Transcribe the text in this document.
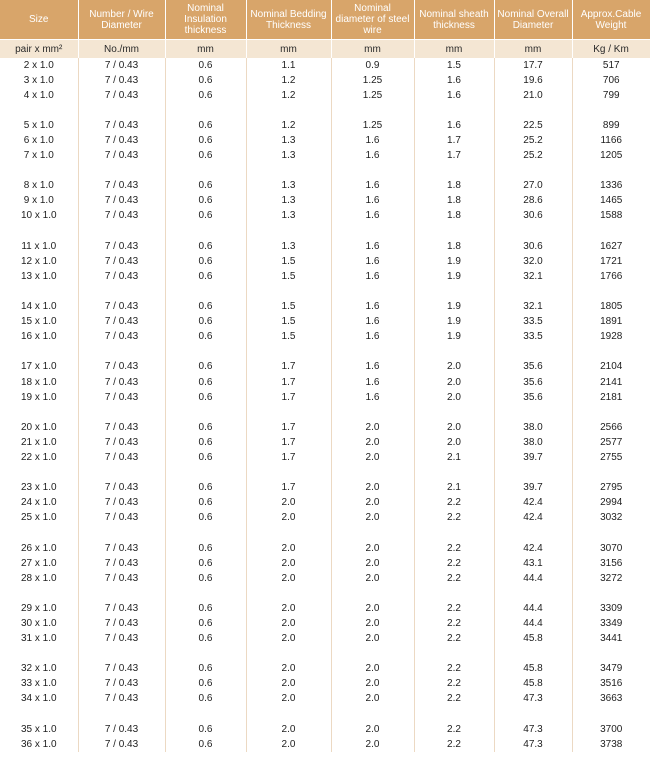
Size	Number / Wire Diameter	Nominal Insulation thickness	Nominal Bedding Thickness	Nominal diameter of steel wire	Nominal sheath thickness	Nominal Overall Diameter	Approx.Cable Weight
pair x mm²	No./mm	mm	mm	mm	mm	mm	Kg / Km
2 x 1.0	7 / 0.43	0.6	1.1	0.9	1.5	17.7	517
3 x 1.0	7 / 0.43	0.6	1.2	1.25	1.6	19.6	706
4 x 1.0	7 / 0.43	0.6	1.2	1.25	1.6	21.0	799

5 x 1.0	7 / 0.43	0.6	1.2	1.25	1.6	22.5	899
6 x 1.0	7 / 0.43	0.6	1.3	1.6	1.7	25.2	1166
7 x 1.0	7 / 0.43	0.6	1.3	1.6	1.7	25.2	1205

8 x 1.0	7 / 0.43	0.6	1.3	1.6	1.8	27.0	1336
9 x 1.0	7 / 0.43	0.6	1.3	1.6	1.8	28.6	1465
10 x 1.0	7 / 0.43	0.6	1.3	1.6	1.8	30.6	1588

11 x 1.0	7 / 0.43	0.6	1.3	1.6	1.8	30.6	1627
12 x 1.0	7 / 0.43	0.6	1.5	1.6	1.9	32.0	1721
13 x 1.0	7 / 0.43	0.6	1.5	1.6	1.9	32.1	1766

14 x 1.0	7 / 0.43	0.6	1.5	1.6	1.9	32.1	1805
15 x 1.0	7 / 0.43	0.6	1.5	1.6	1.9	33.5	1891
16 x 1.0	7 / 0.43	0.6	1.5	1.6	1.9	33.5	1928

17 x 1.0	7 / 0.43	0.6	1.7	1.6	2.0	35.6	2104
18 x 1.0	7 / 0.43	0.6	1.7	1.6	2.0	35.6	2141
19 x 1.0	7 / 0.43	0.6	1.7	1.6	2.0	35.6	2181

20 x 1.0	7 / 0.43	0.6	1.7	2.0	2.0	38.0	2566
21 x 1.0	7 / 0.43	0.6	1.7	2.0	2.0	38.0	2577
22 x 1.0	7 / 0.43	0.6	1.7	2.0	2.1	39.7	2755

23 x 1.0	7 / 0.43	0.6	1.7	2.0	2.1	39.7	2795
24 x 1.0	7 / 0.43	0.6	2.0	2.0	2.2	42.4	2994
25 x 1.0	7 / 0.43	0.6	2.0	2.0	2.2	42.4	3032

26 x 1.0	7 / 0.43	0.6	2.0	2.0	2.2	42.4	3070
27 x 1.0	7 / 0.43	0.6	2.0	2.0	2.2	43.1	3156
28 x 1.0	7 / 0.43	0.6	2.0	2.0	2.2	44.4	3272

29 x 1.0	7 / 0.43	0.6	2.0	2.0	2.2	44.4	3309
30 x 1.0	7 / 0.43	0.6	2.0	2.0	2.2	44.4	3349
31 x 1.0	7 / 0.43	0.6	2.0	2.0	2.2	45.8	3441

32 x 1.0	7 / 0.43	0.6	2.0	2.0	2.2	45.8	3479
33 x 1.0	7 / 0.43	0.6	2.0	2.0	2.2	45.8	3516
34 x 1.0	7 / 0.43	0.6	2.0	2.0	2.2	47.3	3663

35 x 1.0	7 / 0.43	0.6	2.0	2.0	2.2	47.3	3700
36 x 1.0	7 / 0.43	0.6	2.0	2.0	2.2	47.3	3738
